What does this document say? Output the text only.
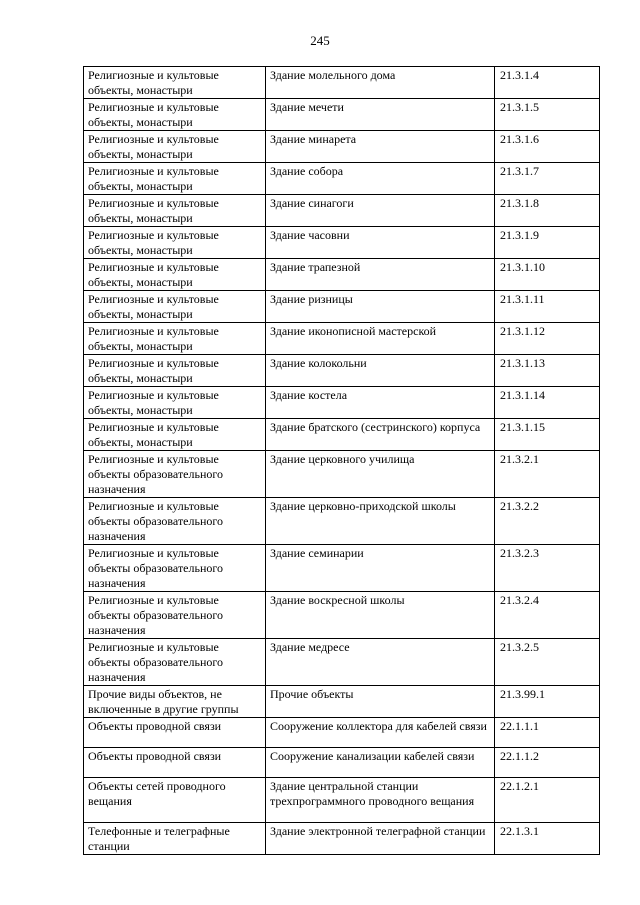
245
Религиозные и культовые объекты, монастыри	Здание молельного дома	21.3.1.4
Религиозные и культовые объекты, монастыри	Здание мечети	21.3.1.5
Религиозные и культовые объекты, монастыри	Здание минарета	21.3.1.6
Религиозные и культовые объекты, монастыри	Здание собора	21.3.1.7
Религиозные и культовые объекты, монастыри	Здание синагоги	21.3.1.8
Религиозные и культовые объекты, монастыри	Здание часовни	21.3.1.9
Религиозные и культовые объекты, монастыри	Здание трапезной	21.3.1.10
Религиозные и культовые объекты, монастыри	Здание ризницы	21.3.1.11
Религиозные и культовые объекты, монастыри	Здание иконописной мастерской	21.3.1.12
Религиозные и культовые объекты, монастыри	Здание колокольни	21.3.1.13
Религиозные и культовые объекты, монастыри	Здание костела	21.3.1.14
Религиозные и культовые объекты, монастыри	Здание братского (сестринского) корпуса	21.3.1.15
Религиозные и культовые объекты образовательного назначения	Здание церковного училища	21.3.2.1
Религиозные и культовые объекты образовательного назначения	Здание церковно-приходской школы	21.3.2.2
Религиозные и культовые объекты образовательного назначения	Здание семинарии	21.3.2.3
Религиозные и культовые объекты образовательного назначения	Здание воскресной школы	21.3.2.4
Религиозные и культовые объекты образовательного назначения	Здание медресе	21.3.2.5
Прочие виды объектов, не включенные в другие группы	Прочие объекты	21.3.99.1
Объекты проводной связи	Сооружение коллектора для кабелей связи	22.1.1.1
Объекты проводной связи	Сооружение канализации кабелей связи	22.1.1.2
Объекты сетей проводного вещания	Здание центральной станции трехпрограммного проводного вещания	22.1.2.1
Телефонные и телеграфные станции	Здание электронной телеграфной станции	22.1.3.1
